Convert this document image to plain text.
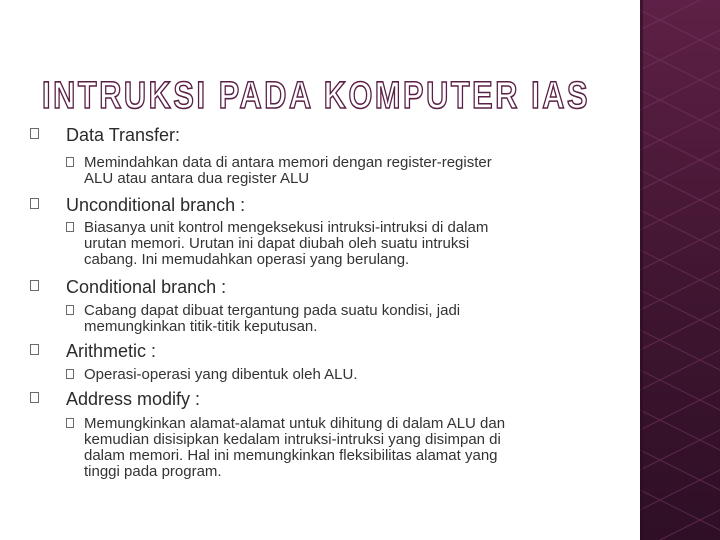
INTRUKSI PADA KOMPUTER IAS
Data Transfer:
Memindahkan data di antara memori dengan register-register
ALU atau antara dua register ALU
Unconditional branch :
Biasanya unit kontrol mengeksekusi intruksi-intruksi di dalam
urutan memori. Urutan ini dapat diubah oleh suatu intruksi
cabang. Ini memudahkan operasi yang berulang.
Conditional branch :
Cabang dapat dibuat tergantung pada suatu kondisi, jadi
memungkinkan titik-titik keputusan.
Arithmetic :
Operasi-operasi yang dibentuk oleh ALU.
Address modify :
Memungkinkan alamat-alamat untuk dihitung di dalam ALU dan
kemudian disisipkan kedalam intruksi-intruksi yang disimpan di
dalam memori. Hal ini memungkinkan fleksibilitas alamat yang
tinggi pada program.
